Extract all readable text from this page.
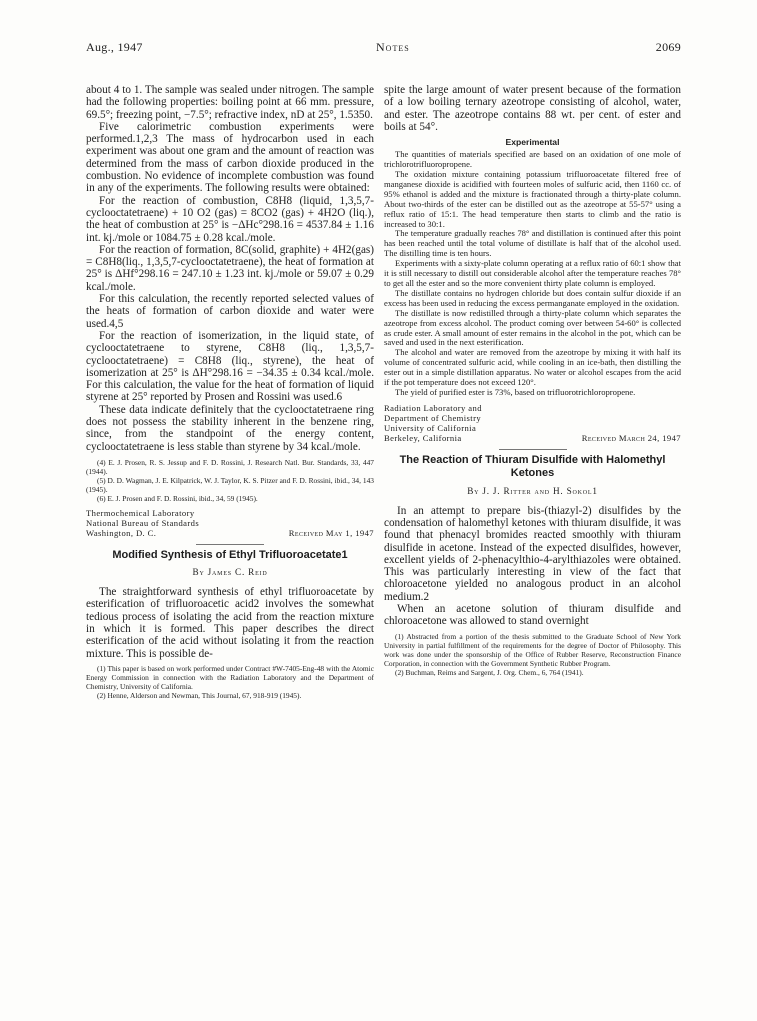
Aug., 1947	Notes	2069

about 4 to 1. The sample was sealed under nitrogen. The sample had the following properties: boiling point at 66 mm. pressure, 69.5°; freezing point, −7.5°; refractive index, nD at 25°, 1.5350.

Five calorimetric combustion experiments were performed.1,2,3 The mass of hydrocarbon used in each experiment was about one gram and the amount of reaction was determined from the mass of carbon dioxide produced in the combustion. No evidence of incomplete combustion was found in any of the experiments. The following results were obtained:

For the reaction of combustion, C8H8 (liquid, 1,3,5,7-cyclooctatetraene) + 10 O2 (gas) = 8CO2 (gas) + 4H2O (liq.), the heat of combustion at 25° is −ΔHc°298.16 = 4537.84 ± 1.16 int. kj./mole or 1084.75 ± 0.28 kcal./mole.

For the reaction of formation, 8C(solid, graphite) + 4H2(gas) = C8H8(liq., 1,3,5,7-cyclooctatetraene), the heat of formation at 25° is ΔHf°298.16 = 247.10 ± 1.23 int. kj./mole or 59.07 ± 0.29 kcal./mole.

For this calculation, the recently reported selected values of the heats of formation of carbon dioxide and water were used.4,5

For the reaction of isomerization, in the liquid state, of cyclooctatetraene to styrene, C8H8 (liq., 1,3,5,7-cyclooctatetraene) = C8H8 (liq., styrene), the heat of isomerization at 25° is ΔH°298.16 = −34.35 ± 0.34 kcal./mole. For this calculation, the value for the heat of formation of liquid styrene at 25° reported by Prosen and Rossini was used.6

These data indicate definitely that the cyclooctatetraene ring does not possess the stability inherent in the benzene ring, since, from the standpoint of the energy content, cyclooctatetraene is less stable than styrene by 34 kcal./mole.

(4) E. J. Prosen, R. S. Jessup and F. D. Rossini, J. Research Natl. Bur. Standards, 33, 447 (1944).

(5) D. D. Wagman, J. E. Kilpatrick, W. J. Taylor, K. S. Pitzer and F. D. Rossini, ibid., 34, 143 (1945).

(6) E. J. Prosen and F. D. Rossini, ibid., 34, 59 (1945).

Thermochemical Laboratory

National Bureau of Standards

Washington, D. C.	Received May 1, 1947

Modified Synthesis of Ethyl Trifluoroacetate1

By James C. Reid

The straightforward synthesis of ethyl trifluoroacetate by esterification of trifluoroacetic acid2 involves the somewhat tedious process of isolating the acid from the reaction mixture in which it is formed. This paper describes the direct esterification of the acid without isolating it from the reaction mixture. This is possible de-

(1) This paper is based on work performed under Contract #W-7405-Eng-48 with the Atomic Energy Commission in connection with the Radiation Laboratory and the Department of Chemistry, University of California.

(2) Henne, Alderson and Newman, This Journal, 67, 918-919 (1945).

spite the large amount of water present because of the formation of a low boiling ternary azeotrope consisting of alcohol, water, and ester. The azeotrope contains 88 wt. per cent. of ester and boils at 54°.

Experimental

The quantities of materials specified are based on an oxidation of one mole of trichlorotrifluoropropene.

The oxidation mixture containing potassium trifluoroacetate filtered free of manganese dioxide is acidified with fourteen moles of sulfuric acid, then 1160 cc. of 95% ethanol is added and the mixture is fractionated through a thirty-plate column. About two-thirds of the ester can be distilled out as the azeotrope at 55-57° using a reflux ratio of 15:1. The head temperature then starts to climb and the ratio is increased to 30:1.

The temperature gradually reaches 78° and distillation is continued after this point has been reached until the total volume of distillate is half that of the alcohol used. The distilling time is ten hours.

Experiments with a sixty-plate column operating at a reflux ratio of 60:1 show that it is still necessary to distill out considerable alcohol after the temperature reaches 78° to get all the ester and so the more convenient thirty plate column is employed.

The distillate contains no hydrogen chloride but does contain sulfur dioxide if an excess has been used in reducing the excess permanganate employed in the oxidation.

The distillate is now redistilled through a thirty-plate column which separates the azeotrope from excess alcohol. The product coming over between 54-60° is collected as crude ester. A small amount of ester remains in the alcohol in the pot, which can be saved and used in the next esterification.

The alcohol and water are removed from the azeotrope by mixing it with half its volume of concentrated sulfuric acid, while cooling in an ice-bath, then distilling the ester out in a simple distillation apparatus. No water or alcohol escapes from the acid if the pot temperature does not exceed 120°.

The yield of purified ester is 73%, based on trifluorotrichloropropene.

Radiation Laboratory and

Department of Chemistry

University of California

Berkeley, California	Received March 24, 1947

The Reaction of Thiuram Disulfide with Halomethyl Ketones

By J. J. Ritter and H. Sokol1

In an attempt to prepare bis-(thiazyl-2) disulfides by the condensation of halomethyl ketones with thiuram disulfide, it was found that phenacyl bromides reacted smoothly with thiuram disulfide in acetone. Instead of the expected disulfides, however, excellent yields of 2-phenacylthio-4-arylthiazoles were obtained. This was particularly interesting in view of the fact that chloroacetone yielded no analogous product in an alcohol medium.2

When an acetone solution of thiuram disulfide and chloroacetone was allowed to stand overnight

(1) Abstracted from a portion of the thesis submitted to the Graduate School of New York University in partial fulfillment of the requirements for the degree of Doctor of Philosophy. This work was done under the sponsorship of the Office of Rubber Reserve, Reconstruction Finance Corporation, in connection with the Government Synthetic Rubber Program.

(2) Buchman, Reims and Sargent, J. Org. Chem., 6, 764 (1941).
